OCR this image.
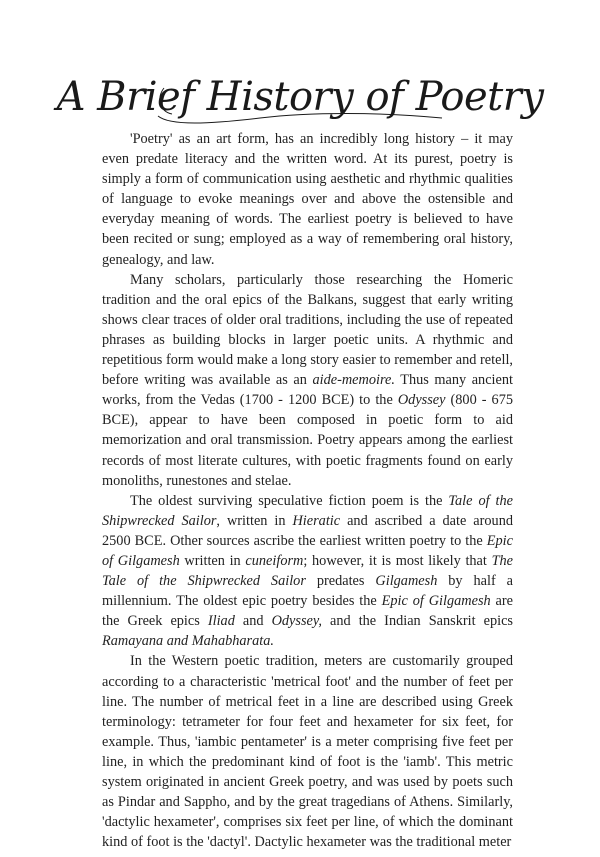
A Brief History of Poetry

'Poetry' as an art form, has an incredibly long history – it may even predate literacy and the written word. At its purest, poetry is simply a form of communication using aesthetic and rhythmic qualities of language to evoke meanings over and above the ostensible and everyday meaning of words. The earliest poetry is believed to have been recited or sung; employed as a way of remembering oral history, genealogy, and law.

Many scholars, particularly those researching the Homeric tradition and the oral epics of the Balkans, suggest that early writing shows clear traces of older oral traditions, including the use of repeated phrases as building blocks in larger poetic units. A rhythmic and repetitious form would make a long story easier to remember and retell, before writing was available as an aide-memoire. Thus many ancient works, from the Vedas (1700 - 1200 BCE) to the Odyssey (800 - 675 BCE), appear to have been composed in poetic form to aid memorization and oral transmission. Poetry appears among the earliest records of most literate cultures, with poetic fragments found on early monoliths, runestones and stelae.

The oldest surviving speculative fiction poem is the Tale of the Shipwrecked Sailor, written in Hieratic and ascribed a date around 2500 BCE. Other sources ascribe the earliest written poetry to the Epic of Gilgamesh written in cuneiform; however, it is most likely that The Tale of the Shipwrecked Sailor predates Gilgamesh by half a millennium. The oldest epic poetry besides the Epic of Gilgamesh are the Greek epics Iliad and Odyssey, and the Indian Sanskrit epics Ramayana and Mahabharata.

In the Western poetic tradition, meters are customarily grouped according to a characteristic 'metrical foot' and the number of feet per line. The number of metrical feet in a line are described using Greek terminology: tetrameter for four feet and hexameter for six feet, for example. Thus, 'iambic pentameter' is a meter comprising five feet per line, in which the predominant kind of foot is the 'iamb'. This metric system originated in ancient Greek poetry, and was used by poets such as Pindar and Sappho, and by the great tragedians of Athens. Similarly, 'dactylic hexameter', comprises six feet per line, of which the dominant kind of foot is the 'dactyl'. Dactylic hexameter was the traditional meter
